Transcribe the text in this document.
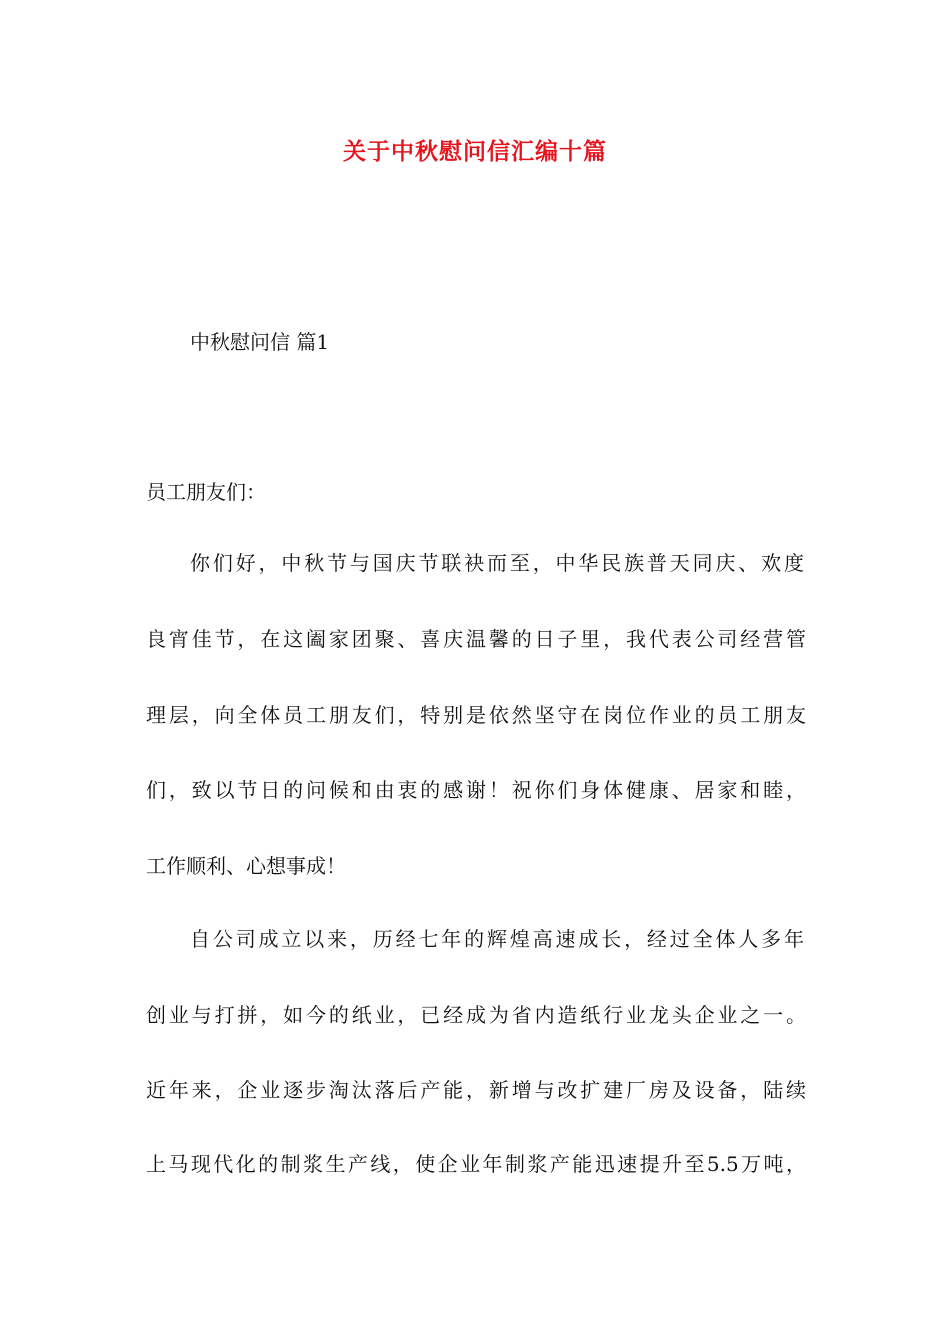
关于中秋慰问信汇编十篇
中秋慰问信 篇1
员工朋友们：
你们好，中秋节与国庆节联袂而至，中华民族普天同庆、欢度
良宵佳节，在这阖家团聚、喜庆温馨的日子里，我代表公司经营管
理层，向全体员工朋友们，特别是依然坚守在岗位作业的员工朋友
们，致以节日的问候和由衷的感谢！祝你们身体健康、居家和睦，
工作顺利、心想事成！
自公司成立以来，历经七年的辉煌高速成长，经过全体人多年
创业与打拼，如今的纸业，已经成为省内造纸行业龙头企业之一。
近年来，企业逐步淘汰落后产能，新增与改扩建厂房及设备，陆续
上马现代化的制浆生产线，使企业年制浆产能迅速提升至5.5万吨，
